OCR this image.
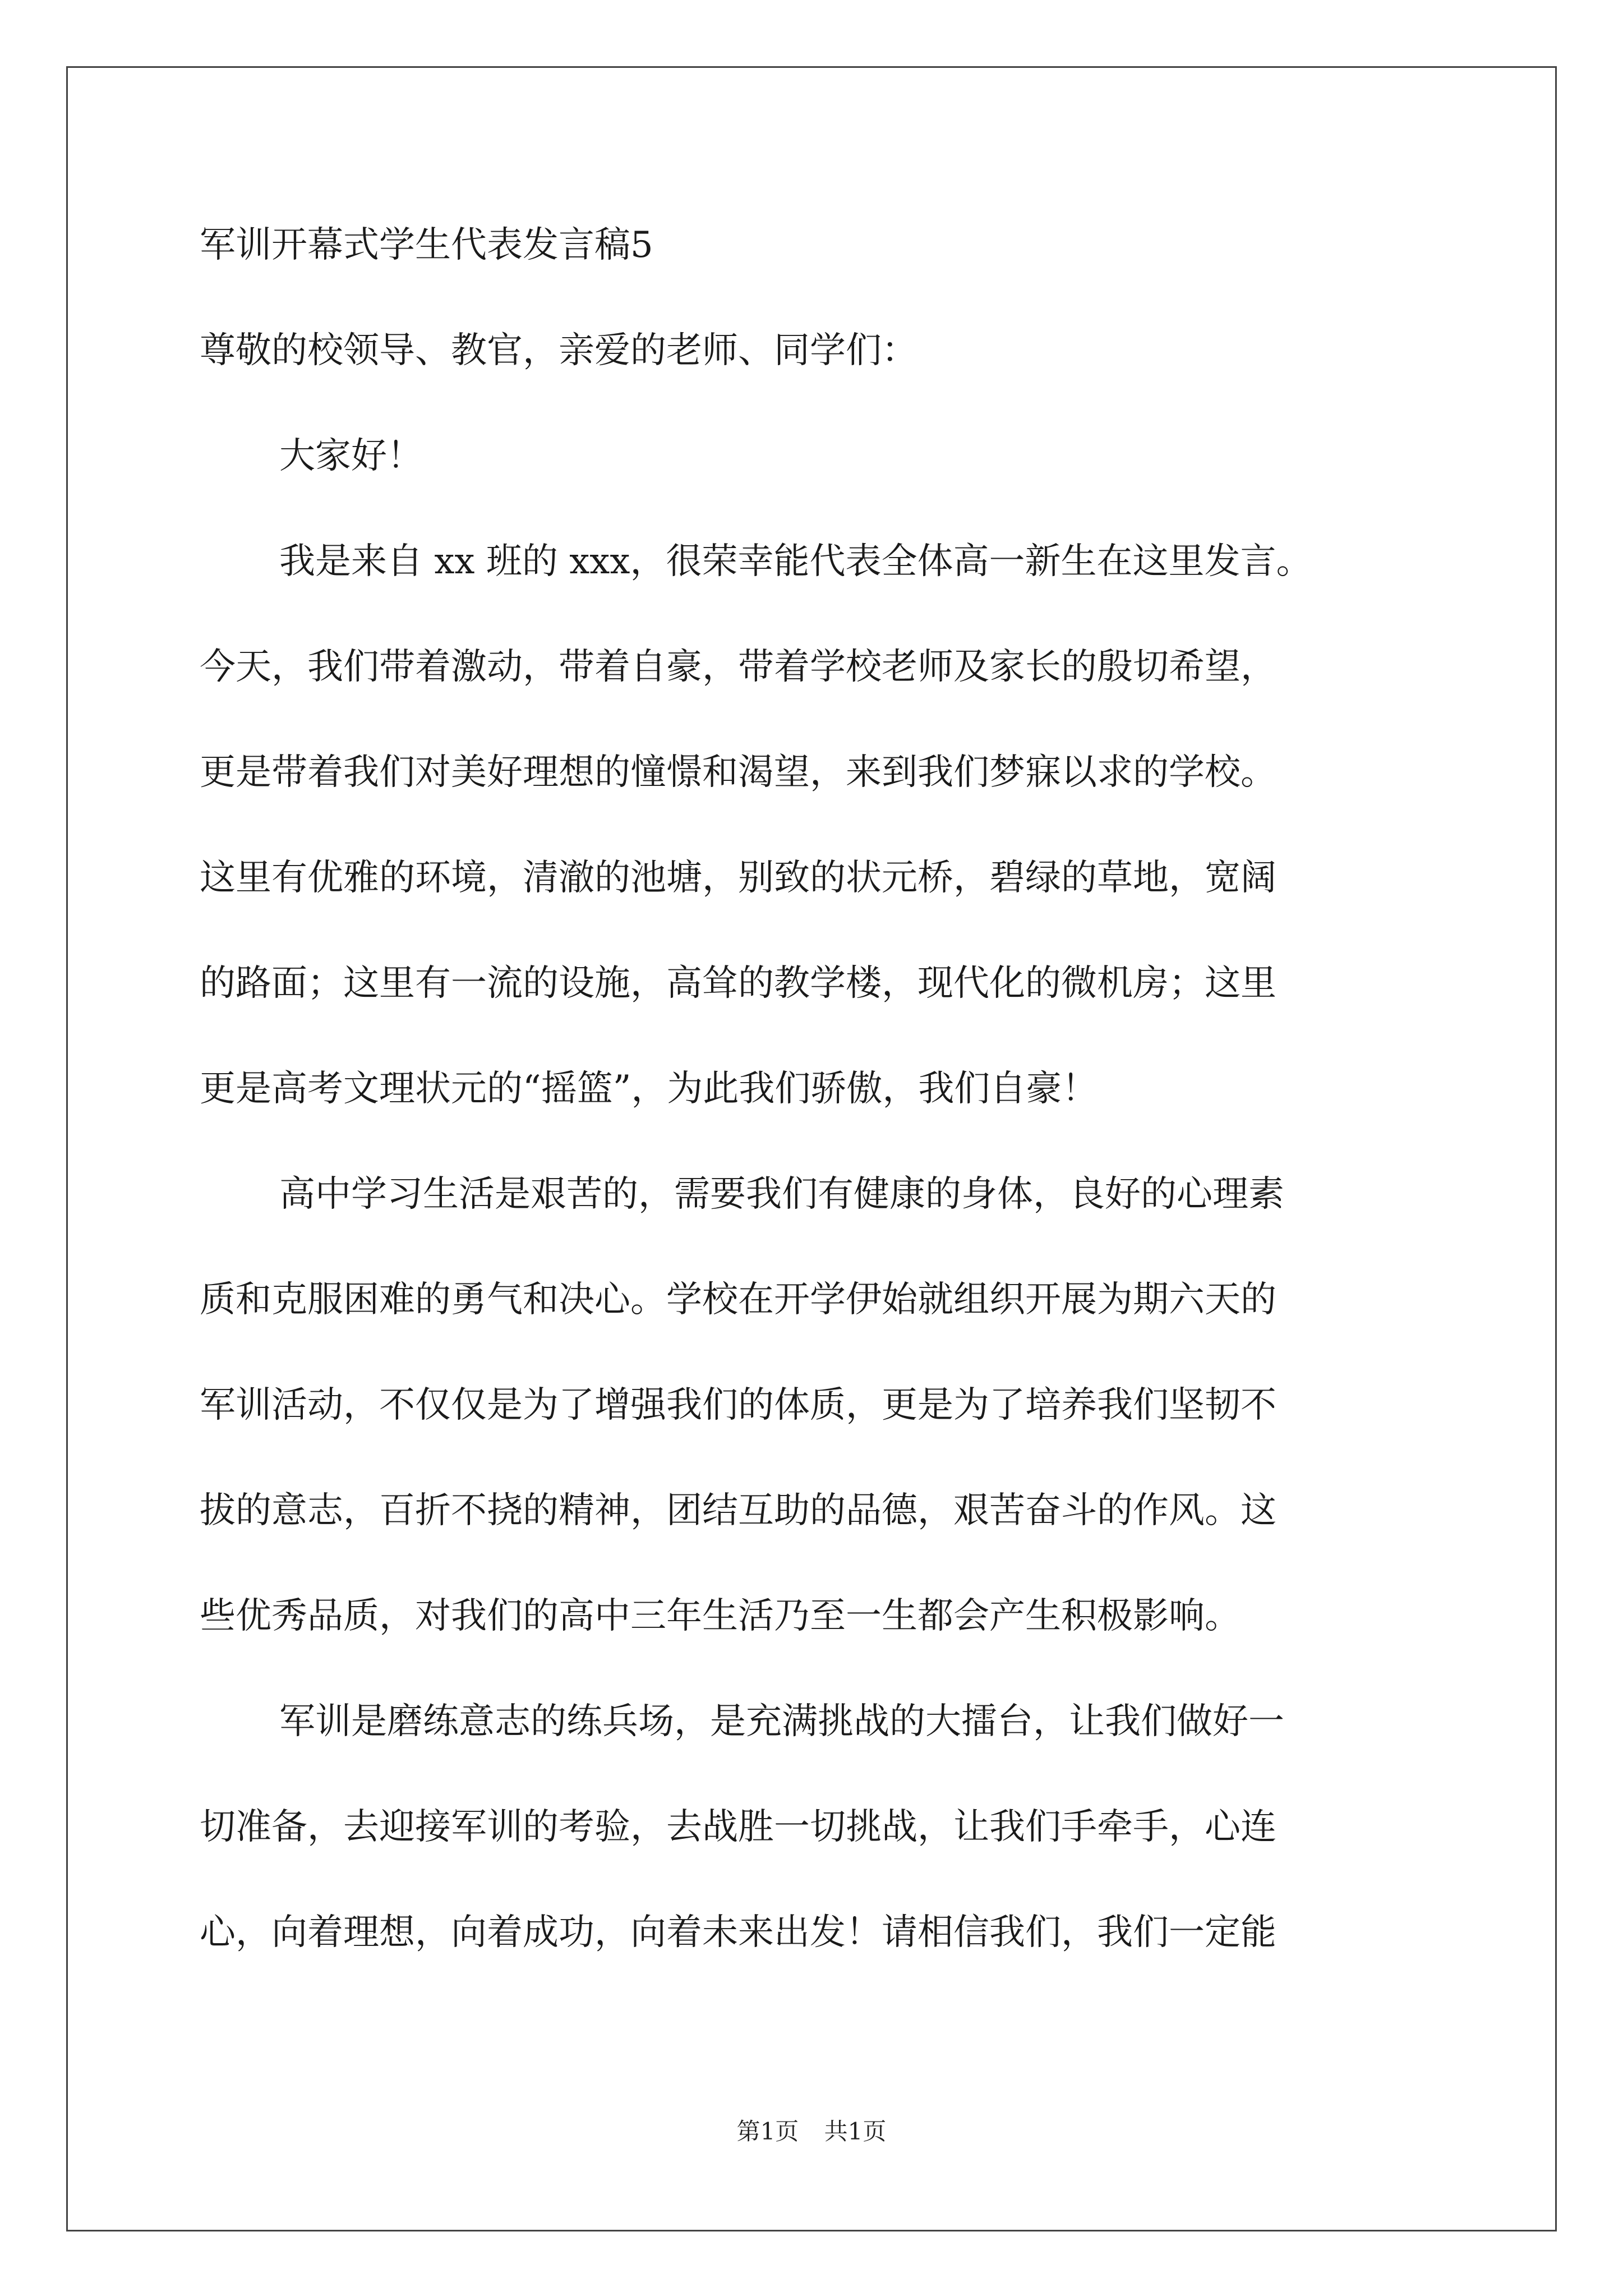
军训开幕式学生代表发言稿5
尊敬的校领导、教官，亲爱的老师、同学们：
大家好！
我是来自 xx 班的 xxx，很荣幸能代表全体高一新生在这里发言。
今天，我们带着激动，带着自豪，带着学校老师及家长的殷切希望，
更是带着我们对美好理想的憧憬和渴望，来到我们梦寐以求的学校。
这里有优雅的环境，清澈的池塘，别致的状元桥，碧绿的草地，宽阔
的路面；这里有一流的设施，高耸的教学楼，现代化的微机房；这里
更是高考文理状元的“摇篮”，为此我们骄傲，我们自豪！
高中学习生活是艰苦的，需要我们有健康的身体，良好的心理素
质和克服困难的勇气和决心。学校在开学伊始就组织开展为期六天的
军训活动，不仅仅是为了增强我们的体质，更是为了培养我们坚韧不
拔的意志，百折不挠的精神，团结互助的品德，艰苦奋斗的作风。这
些优秀品质，对我们的高中三年生活乃至一生都会产生积极影响。
军训是磨练意志的练兵场，是充满挑战的大擂台，让我们做好一
切准备，去迎接军训的考验，去战胜一切挑战，让我们手牵手，心连
心，向着理想，向着成功，向着未来出发！请相信我们，我们一定能
第1页 共1页
